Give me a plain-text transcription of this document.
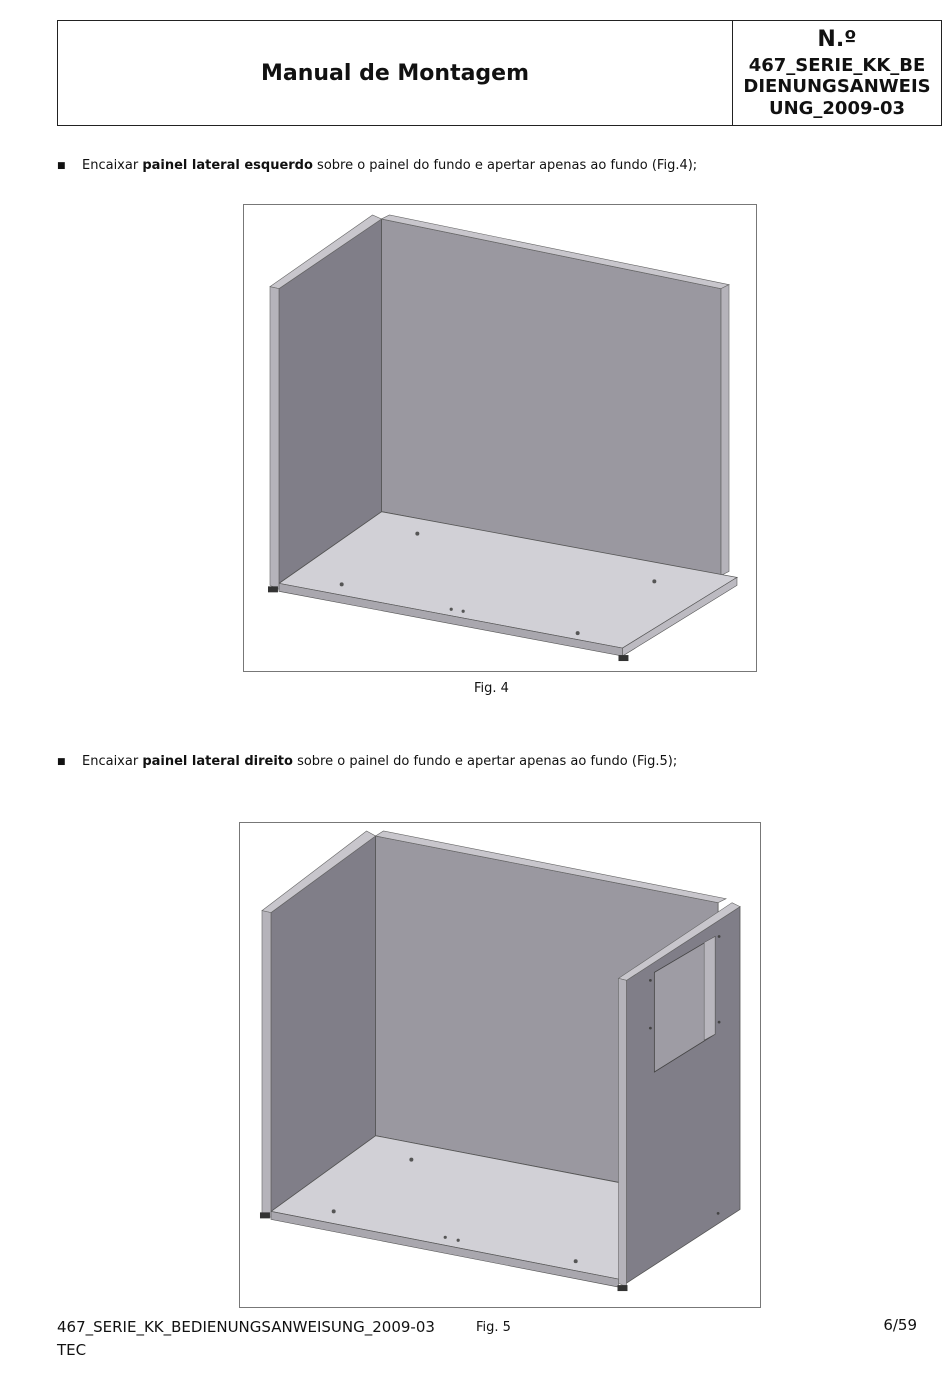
Manual de Montagem
N.º
467_SERIE_KK_BEDIENUNGSANWEISUNG_2009-03
■	Encaixar painel lateral esquerdo sobre o painel do fundo e apertar apenas ao fundo (Fig.4);
Fig. 4
■	Encaixar painel lateral direito sobre o painel do fundo e apertar apenas ao fundo (Fig.5);
467_SERIE_KK_BEDIENUNGSANWEISUNG_2009-03
TEC
Fig. 5	6/59
